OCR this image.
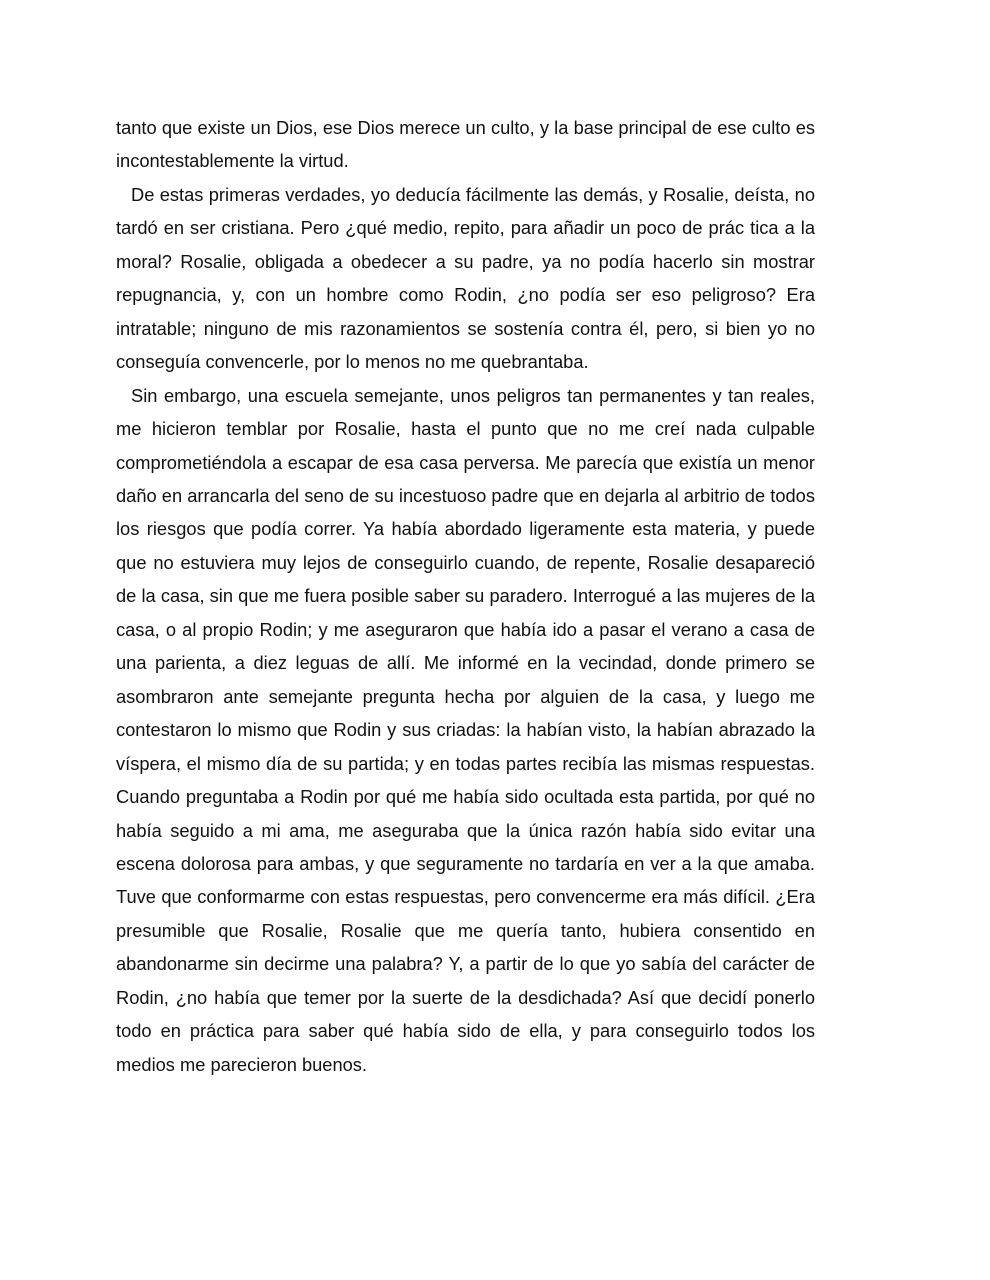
tanto que existe un Dios, ese Dios merece un culto, y la base principal de ese culto es incontestablemente la virtud.

De estas primeras verdades, yo deducía fácilmente las demás, y Rosalie, deísta, no tardó en ser cristiana. Pero ¿qué medio, repito, para añadir un poco de prác tica a la moral? Rosalie, obligada a obedecer a su padre, ya no podía hacerlo sin mostrar repugnancia, y, con un hombre como Rodin, ¿no podía ser eso peligroso? Era intratable; ninguno de mis razonamientos se sostenía contra él, pero, si bien yo no conseguía convencerle, por lo menos no me quebrantaba.

Sin embargo, una escuela semejante, unos peligros tan permanentes y tan reales, me hicieron temblar por Rosalie, hasta el punto que no me creí nada culpable comprometiéndola a escapar de esa casa perversa. Me parecía que existía un menor daño en arrancarla del seno de su incestuoso padre que en dejarla al arbitrio de todos los riesgos que podía correr. Ya había abordado ligeramente esta materia, y puede que no estuviera muy lejos de conseguirlo cuando, de repente, Rosalie desapareció de la casa, sin que me fuera posible saber su paradero. Interrogué a las mujeres de la casa, o al propio Rodin; y me aseguraron que había ido a pasar el verano a casa de una parienta, a diez leguas de allí. Me informé en la vecindad, donde primero se asombraron ante semejante pregunta hecha por alguien de la casa, y luego me contestaron lo mismo que Rodin y sus criadas: la habían visto, la habían abrazado la víspera, el mismo día de su partida; y en todas partes recibía las mismas respuestas. Cuando preguntaba a Rodin por qué me había sido ocultada esta partida, por qué no había seguido a mi ama, me aseguraba que la única razón había sido evitar una escena dolorosa para ambas, y que seguramente no tardaría en ver a la que amaba. Tuve que conformarme con estas respuestas, pero convencerme era más difícil. ¿Era presumible que Rosalie, Rosalie que me quería tanto, hubiera consentido en abandonarme sin decirme una palabra? Y, a partir de lo que yo sabía del carácter de Rodin, ¿no había que temer por la suerte de la desdichada? Así que decidí ponerlo todo en práctica para saber qué había sido de ella, y para conseguirlo todos los medios me parecieron buenos.
